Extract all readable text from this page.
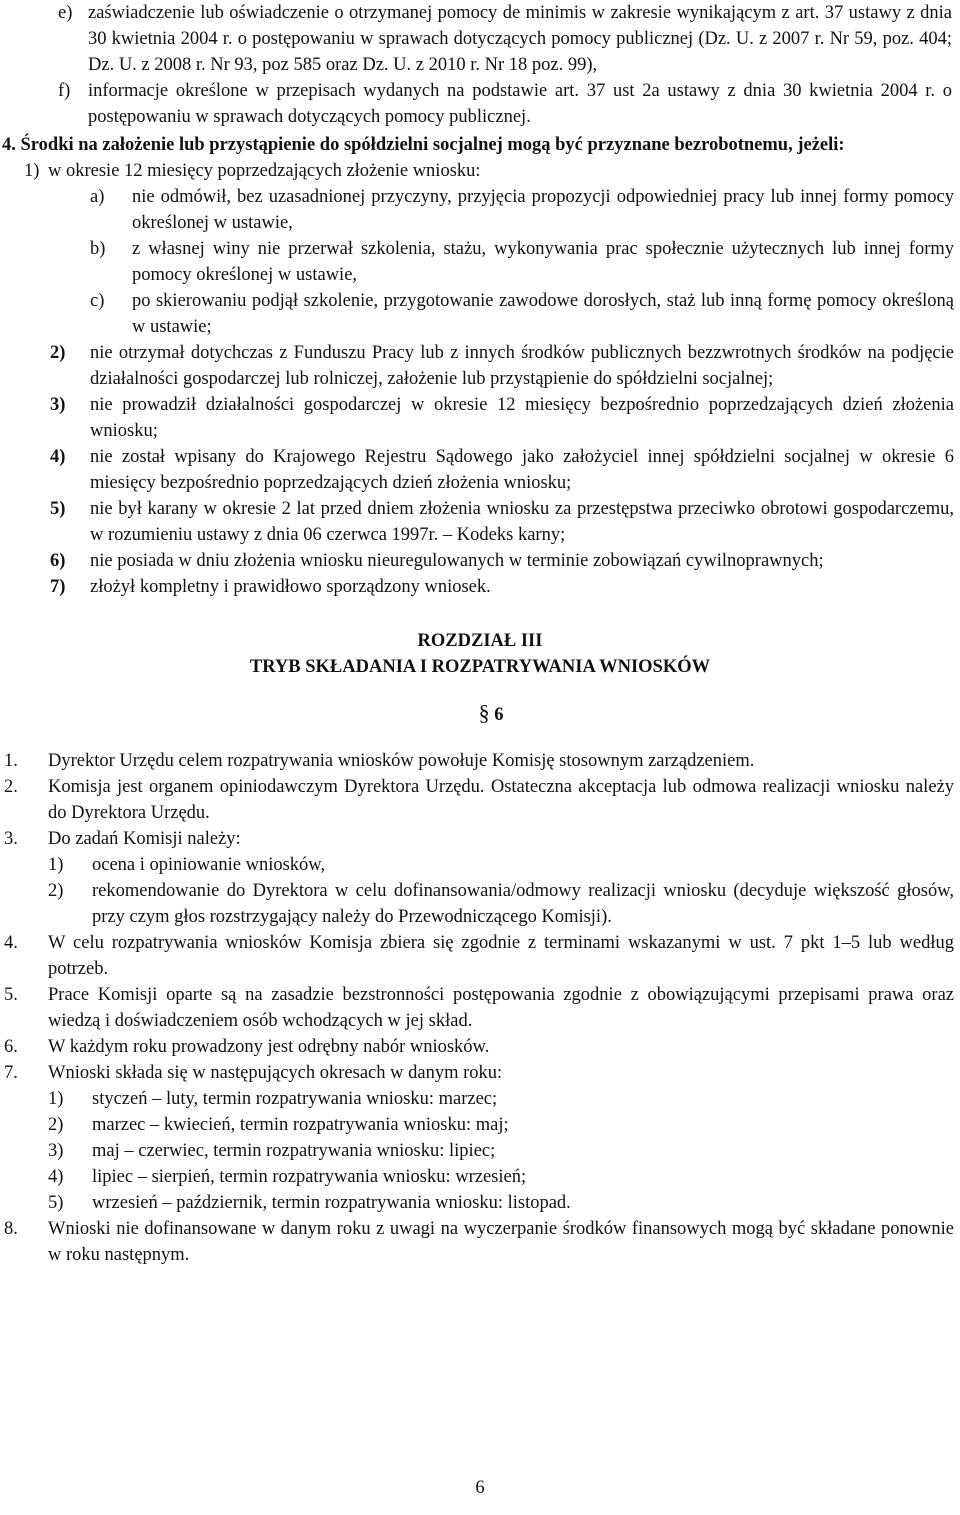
e) zaświadczenie lub oświadczenie o otrzymanej pomocy de minimis w zakresie wynikającym z art. 37 ustawy z dnia 30 kwietnia 2004 r. o postępowaniu w sprawach dotyczących pomocy publicznej (Dz. U. z 2007 r. Nr 59, poz. 404; Dz. U. z 2008 r. Nr 93, poz 585 oraz Dz. U. z 2010 r. Nr 18 poz. 99),

f) informacje określone w przepisach wydanych na podstawie art. 37 ust 2a ustawy z dnia 30 kwietnia 2004 r. o postępowaniu w sprawach dotyczących pomocy publicznej.

4. Środki na założenie lub przystąpienie do spółdzielni socjalnej mogą być przyznane bezrobotnemu, jeżeli:
1) w okresie 12 miesięcy poprzedzających złożenie wniosku:

a) nie odmówił, bez uzasadnionej przyczyny, przyjęcia propozycji odpowiedniej pracy lub innej formy pomocy określonej w ustawie,

b) z własnej winy nie przerwał szkolenia, stażu, wykonywania prac społecznie użytecznych lub innej formy pomocy określonej w ustawie,

c) po skierowaniu podjął szkolenie, przygotowanie zawodowe dorosłych, staż lub inną formę pomocy określoną w ustawie;

2) nie otrzymał dotychczas z Funduszu Pracy lub z innych środków publicznych bezzwrotnych środków na podjęcie działalności gospodarczej lub rolniczej, założenie lub przystąpienie do spółdzielni socjalnej;

3) nie prowadził działalności gospodarczej w okresie 12 miesięcy bezpośrednio poprzedzających dzień złożenia wniosku;

4) nie został wpisany do Krajowego Rejestru Sądowego jako założyciel innej spółdzielni socjalnej w okresie 6 miesięcy bezpośrednio poprzedzających dzień złożenia wniosku;

5) nie był karany w okresie 2 lat przed dniem złożenia wniosku za przestępstwa przeciwko obrotowi gospodarczemu, w rozumieniu ustawy z dnia 06 czerwca 1997r. – Kodeks karny;

6) nie posiada w dniu złożenia wniosku nieuregulowanych w terminie zobowiązań cywilnoprawnych;

7) złożył kompletny i prawidłowo sporządzony wniosek.

ROZDZIAŁ III
TRYB SKŁADANIA I ROZPATRYWANIA WNIOSKÓW
§ 6
1. Dyrektor Urzędu celem rozpatrywania wniosków powołuje Komisję stosownym zarządzeniem.

2. Komisja jest organem opiniodawczym Dyrektora Urzędu. Ostateczna akceptacja lub odmowa realizacji wniosku należy do Dyrektora Urzędu.

3. Do zadań Komisji należy:

1) ocena i opiniowanie wniosków,

2) rekomendowanie do Dyrektora w celu dofinansowania/odmowy realizacji wniosku (decyduje większość głosów, przy czym głos rozstrzygający należy do Przewodniczącego Komisji).

4. W celu rozpatrywania wniosków Komisja zbiera się zgodnie z terminami wskazanymi w ust. 7 pkt 1–5 lub według potrzeb.

5. Prace Komisji oparte są na zasadzie bezstronności postępowania zgodnie z obowiązującymi przepisami prawa oraz wiedzą i doświadczeniem osób wchodzących w jej skład.

6. W każdym roku prowadzony jest odrębny nabór wniosków.

7. Wnioski składa się w następujących okresach w danym roku:

1) styczeń – luty, termin rozpatrywania wniosku: marzec;

2) marzec – kwiecień, termin rozpatrywania wniosku: maj;

3) maj – czerwiec, termin rozpatrywania wniosku: lipiec;

4) lipiec – sierpień, termin rozpatrywania wniosku: wrzesień;

5) wrzesień – październik, termin rozpatrywania wniosku: listopad.

8. Wnioski nie dofinansowane w danym roku z uwagi na wyczerpanie środków finansowych mogą być składane ponownie w roku następnym.

6
